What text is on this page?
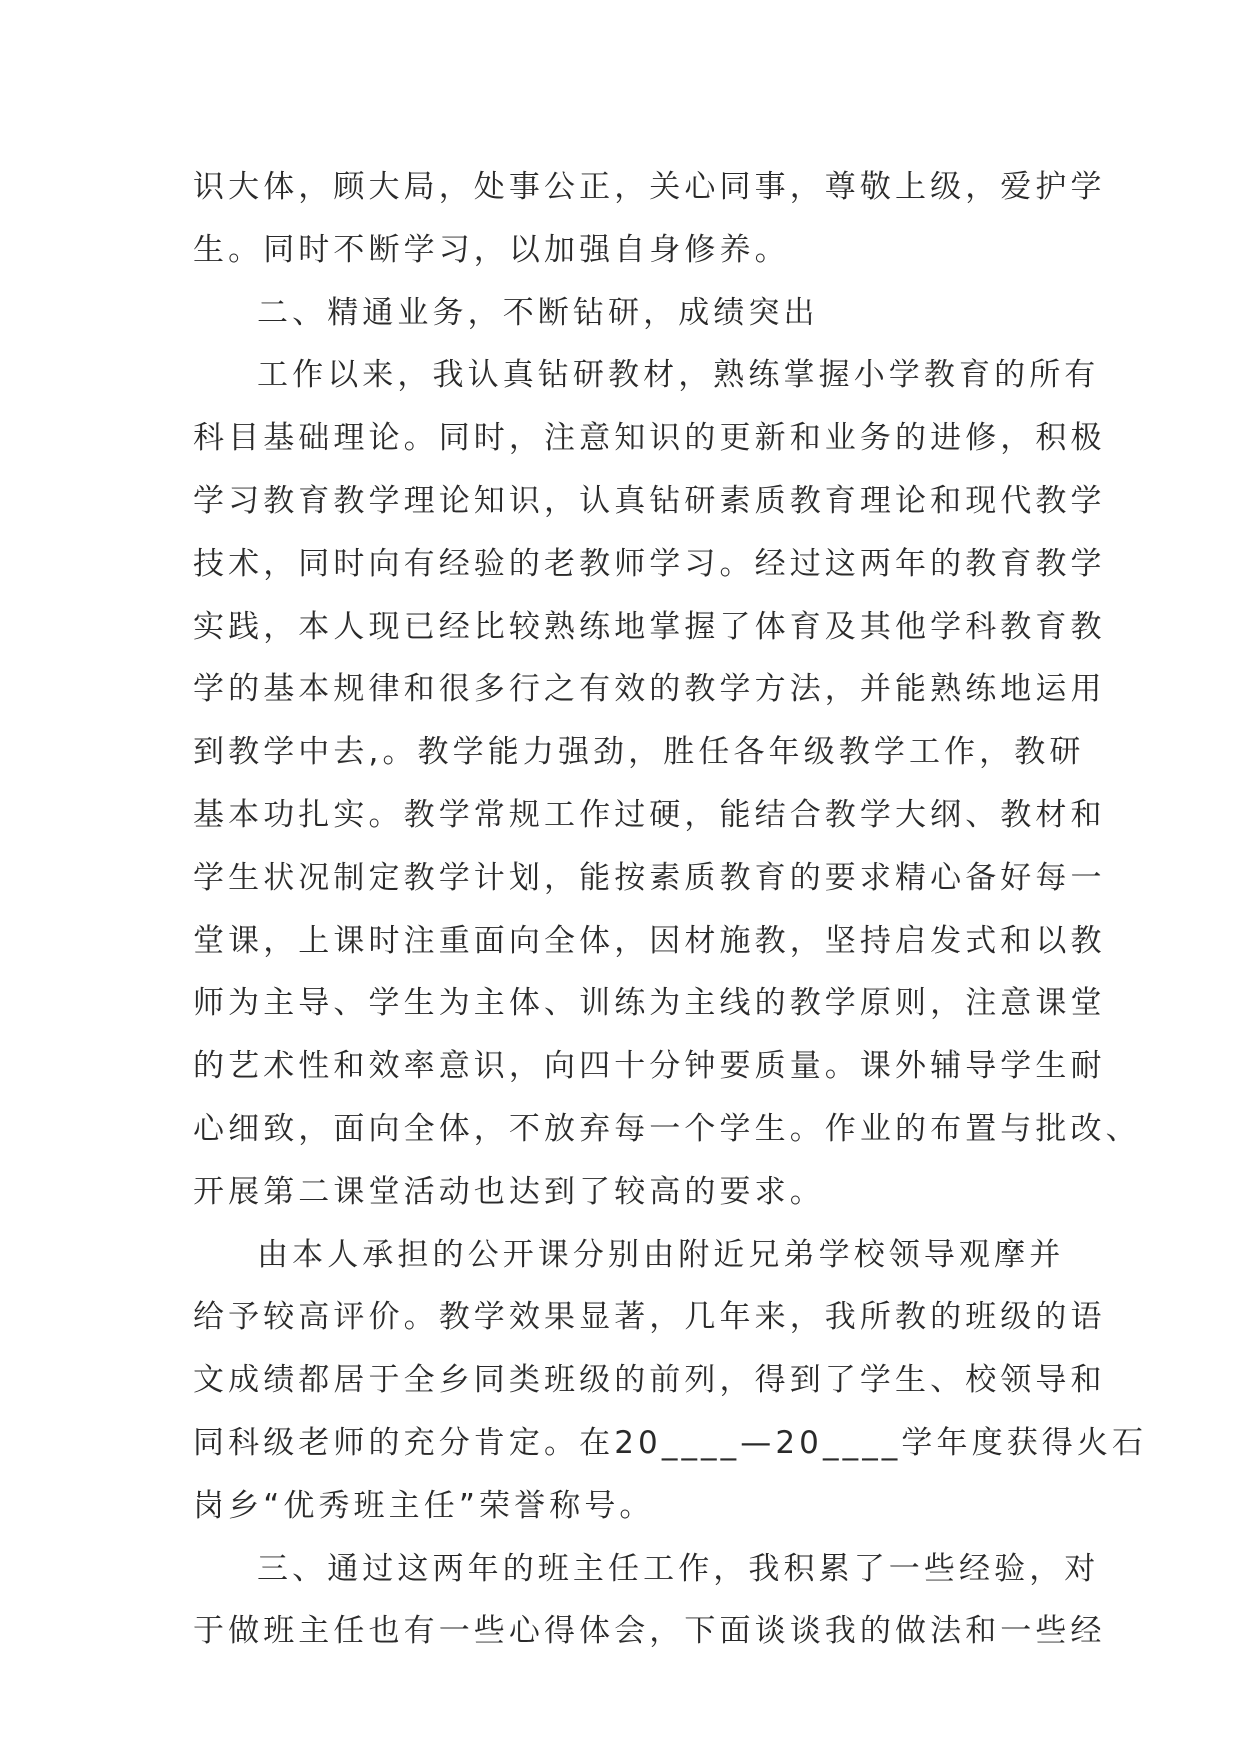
识大体，顾大局，处事公正，关心同事，尊敬上级，爱护学
生。同时不断学习，以加强自身修养。
二、精通业务，不断钻研，成绩突出
工作以来，我认真钻研教材，熟练掌握小学教育的所有
科目基础理论。同时，注意知识的更新和业务的进修，积极
学习教育教学理论知识，认真钻研素质教育理论和现代教学
技术，同时向有经验的老教师学习。经过这两年的教育教学
实践，本人现已经比较熟练地掌握了体育及其他学科教育教
学的基本规律和很多行之有效的教学方法，并能熟练地运用
到教学中去,。教学能力强劲，胜任各年级教学工作，教研
基本功扎实。教学常规工作过硬，能结合教学大纲、教材和
学生状况制定教学计划，能按素质教育的要求精心备好每一
堂课，上课时注重面向全体，因材施教，坚持启发式和以教
师为主导、学生为主体、训练为主线的教学原则，注意课堂
的艺术性和效率意识，向四十分钟要质量。课外辅导学生耐
心细致，面向全体，不放弃每一个学生。作业的布置与批改、
开展第二课堂活动也达到了较高的要求。
由本人承担的公开课分别由附近兄弟学校领导观摩并
给予较高评价。教学效果显著，几年来，我所教的班级的语
文成绩都居于全乡同类班级的前列，得到了学生、校领导和
同科级老师的充分肯定。在20____—20____学年度获得火石
岗乡“优秀班主任”荣誉称号。
三、通过这两年的班主任工作，我积累了一些经验，对
于做班主任也有一些心得体会，下面谈谈我的做法和一些经
